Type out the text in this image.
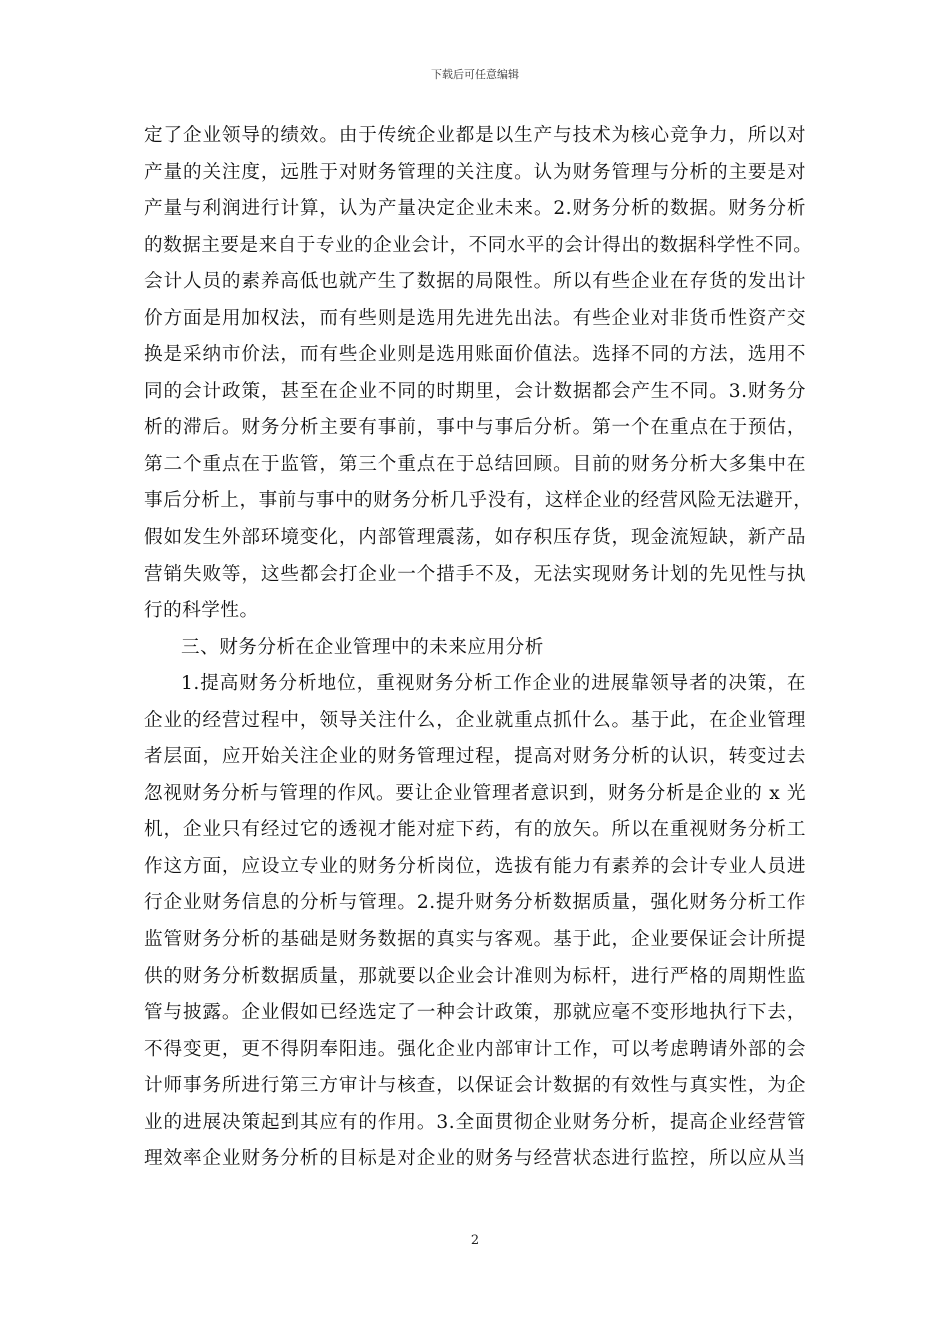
下载后可任意编辑
定了企业领导的绩效。由于传统企业都是以生产与技术为核心竞争力，所以对
产量的关注度，远胜于对财务管理的关注度。认为财务管理与分析的主要是对
产量与利润进行计算，认为产量决定企业未来。2.财务分析的数据。财务分析
的数据主要是来自于专业的企业会计，不同水平的会计得出的数据科学性不同。
会计人员的素养高低也就产生了数据的局限性。所以有些企业在存货的发出计
价方面是用加权法，而有些则是选用先进先出法。有些企业对非货币性资产交
换是采纳市价法，而有些企业则是选用账面价值法。选择不同的方法，选用不
同的会计政策，甚至在企业不同的时期里，会计数据都会产生不同。3.财务分
析的滞后。财务分析主要有事前，事中与事后分析。第一个在重点在于预估，
第二个重点在于监管，第三个重点在于总结回顾。目前的财务分析大多集中在
事后分析上，事前与事中的财务分析几乎没有，这样企业的经营风险无法避开，
假如发生外部环境变化，内部管理震荡，如存积压存货，现金流短缺，新产品
营销失败等，这些都会打企业一个措手不及，无法实现财务计划的先见性与执
行的科学性。
三、财务分析在企业管理中的未来应用分析
1.提高财务分析地位，重视财务分析工作企业的进展靠领导者的决策，在
企业的经营过程中，领导关注什么，企业就重点抓什么。基于此，在企业管理
者层面，应开始关注企业的财务管理过程，提高对财务分析的认识，转变过去
忽视财务分析与管理的作风。要让企业管理者意识到，财务分析是企业的 x 光
机，企业只有经过它的透视才能对症下药，有的放矢。所以在重视财务分析工
作这方面，应设立专业的财务分析岗位，选拔有能力有素养的会计专业人员进
行企业财务信息的分析与管理。2.提升财务分析数据质量，强化财务分析工作
监管财务分析的基础是财务数据的真实与客观。基于此，企业要保证会计所提
供的财务分析数据质量，那就要以企业会计准则为标杆，进行严格的周期性监
管与披露。企业假如已经选定了一种会计政策，那就应毫不变形地执行下去，
不得变更，更不得阴奉阳违。强化企业内部审计工作，可以考虑聘请外部的会
计师事务所进行第三方审计与核查，以保证会计数据的有效性与真实性，为企
业的进展决策起到其应有的作用。3.全面贯彻企业财务分析，提高企业经营管
理效率企业财务分析的目标是对企业的财务与经营状态进行监控，所以应从当
2
